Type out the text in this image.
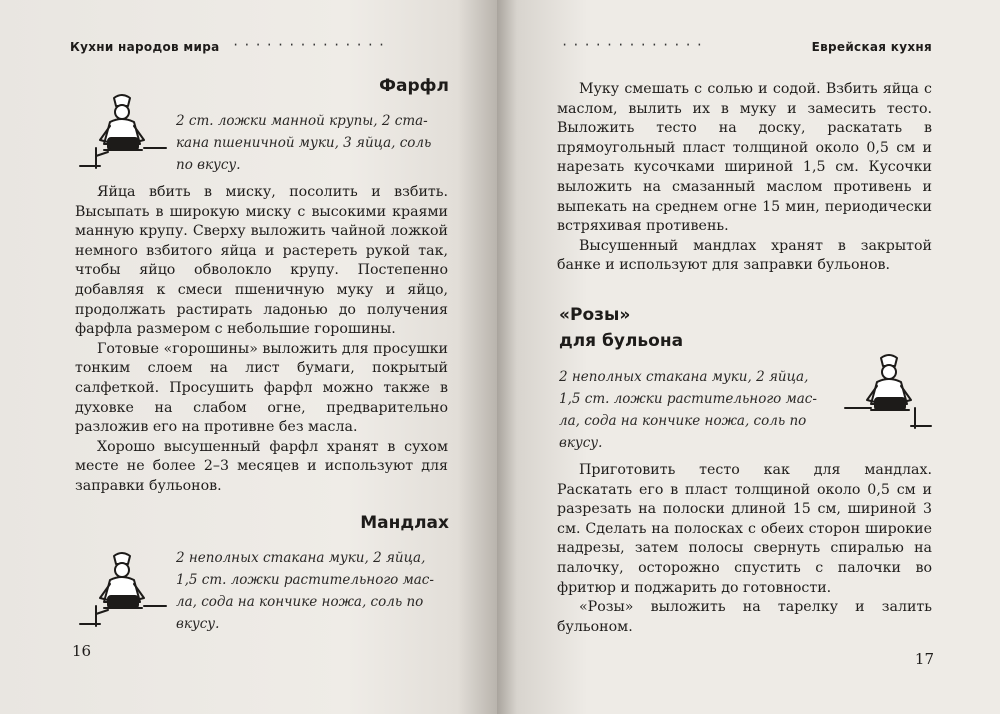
Кухни народов мира ··············
Фарфл
2 ст. ложки манной крупы, 2 ста-
кана пшеничной муки, 3 яйца, соль
по вкусу.

Яйца вбить в миску, посолить и взбить. Высыпать в широкую миску с высокими краями манную крупу. Сверху выложить чайной ложкой немного взбитого яйца и растереть рукой так, чтобы яйцо обволокло крупу. Постепенно добавляя к смеси пшеничную муку и яйцо, продолжать растирать ладонью до получения фарфла размером с небольшие горошины.

Готовые «горошины» выложить для просушки тонким слоем на лист бумаги, покрытый салфеткой. Просушить фарфл можно также в духовке на слабом огне, предварительно разложив его на противне без масла.

Хорошо высушенный фарфл хранят в сухом месте не более 2–3 месяцев и используют для заправки бульонов.

Мандлах
2 неполных стакана муки, 2 яйца,
1,5 ст. ложки растительного мас-
ла, сода на кончике ножа, соль по
вкусу.
16
·············	Еврейская кухня

Муку смешать с солью и содой. Взбить яйца с маслом, вылить их в муку и замесить тесто. Выложить тесто на доску, раскатать в прямоугольный пласт толщиной около 0,5 см и нарезать кусочками шириной 1,5 см. Кусочки выложить на смазанный маслом противень и выпекать на среднем огне 15 мин, периодически встряхивая противень.

Высушенный мандлах хранят в закрытой банке и используют для заправки бульонов.

«Розы»
для бульона
2 неполных стакана муки, 2 яйца,
1,5 ст. ложки растительного мас-
ла, сода на кончике ножа, соль по
вкусу.

Приготовить тесто как для мандлах. Раскатать его в пласт толщиной около 0,5 см и разрезать на полоски длиной 15 см, шириной 3 см. Сделать на полосках с обеих сторон широкие надрезы, затем полосы свернуть спиралью на палочку, осторожно спустить с палочки во фритюр и поджарить до готовности.

«Розы» выложить на тарелку и залить бульоном.

17
